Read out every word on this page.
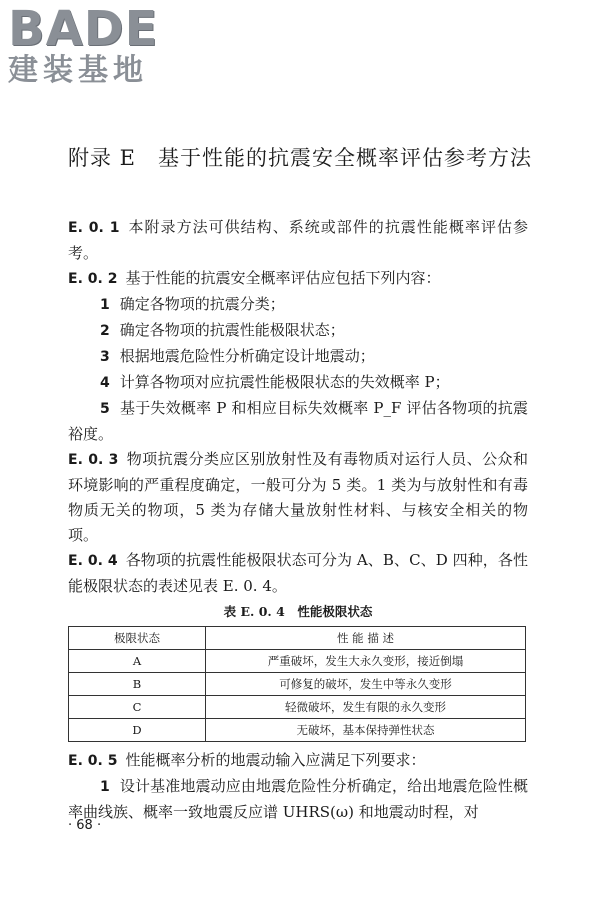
BADE
建装基地
附录 E　基于性能的抗震安全概率评估参考方法

E. 0. 1 本附录方法可供结构、系统或部件的抗震性能概率评估参考。

E. 0. 2 基于性能的抗震安全概率评估应包括下列内容：

1 确定各物项的抗震分类；

2 确定各物项的抗震性能极限状态；

3 根据地震危险性分析确定设计地震动；

4 计算各物项对应抗震性能极限状态的失效概率 P；

5 基于失效概率 P 和相应目标失效概率 P_F 评估各物项的抗震裕度。

E. 0. 3 物项抗震分类应区别放射性及有毒物质对运行人员、公众和环境影响的严重程度确定，一般可分为 5 类。1 类为与放射性和有毒物质无关的物项，5 类为存储大量放射性材料、与核安全相关的物项。

E. 0. 4 各物项的抗震性能极限状态可分为 A、B、C、D 四种，各性能极限状态的表述见表 E. 0. 4。

表 E. 0. 4　性能极限状态
极限状态	性 能 描 述
A	严重破坏，发生大永久变形，接近倒塌
B	可修复的破坏，发生中等永久变形
C	轻微破坏，发生有限的永久变形
D	无破坏，基本保持弹性状态

E. 0. 5 性能概率分析的地震动输入应满足下列要求：

1 设计基准地震动应由地震危险性分析确定，给出地震危险性概率曲线族、概率一致地震反应谱 UHRS(ω) 和地震动时程，对

· 68 ·
